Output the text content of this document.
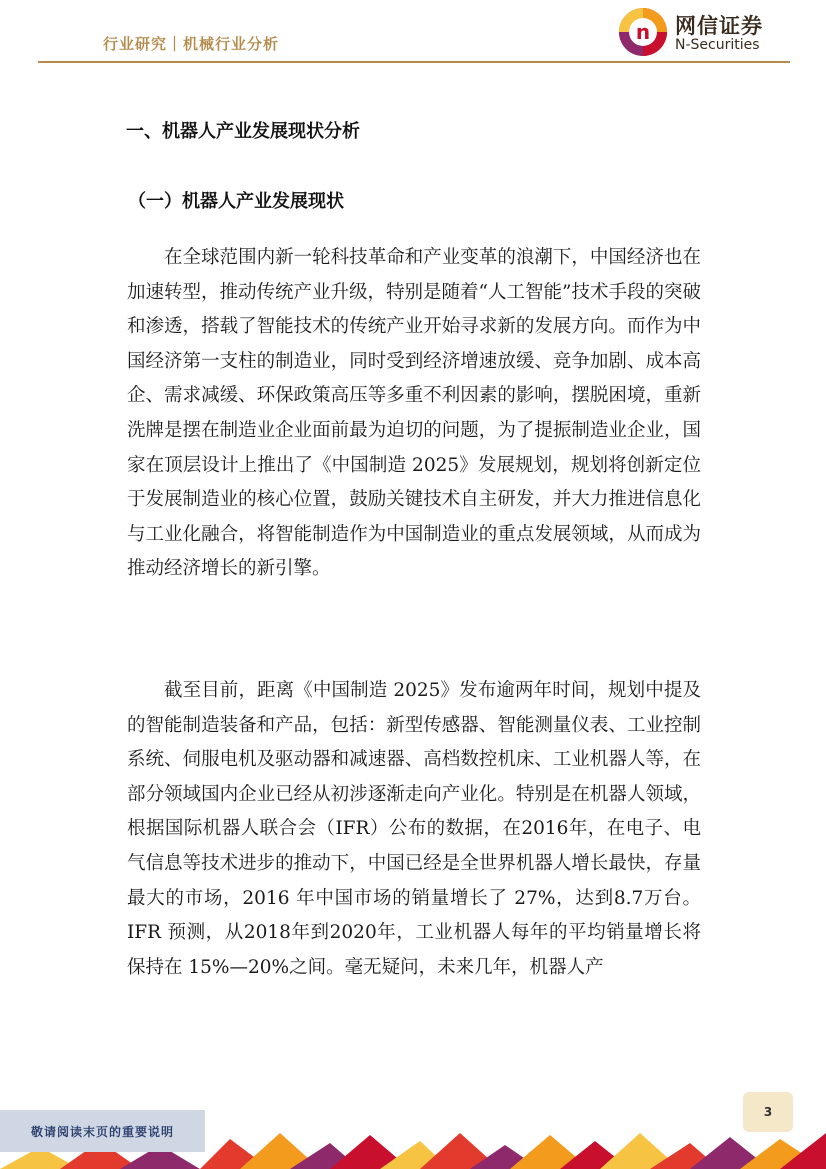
行业研究｜机械行业分析	n 网信证券
N-Securities
一、机器人产业发展现状分析
（一）机器人产业发展现状

在全球范围内新一轮科技革命和产业变革的浪潮下，中国经济也在加速转型，推动传统产业升级，特别是随着“人工智能”技术手段的突破和渗透，搭载了智能技术的传统产业开始寻求新的发展方向。而作为中国经济第一支柱的制造业，同时受到经济增速放缓、竞争加剧、成本高企、需求减缓、环保政策高压等多重不利因素的影响，摆脱困境，重新洗牌是摆在制造业企业面前最为迫切的问题，为了提振制造业企业，国家在顶层设计上推出了《中国制造 2025》发展规划，规划将创新定位于发展制造业的核心位置，鼓励关键技术自主研发，并大力推进信息化与工业化融合，将智能制造作为中国制造业的重点发展领域，从而成为推动经济增长的新引擎。

截至目前，距离《中国制造 2025》发布逾两年时间，规划中提及的智能制造装备和产品，包括：新型传感器、智能测量仪表、工业控制系统、伺服电机及驱动器和减速器、高档数控机床、工业机器人等，在部分领域国内企业已经从初涉逐渐走向产业化。特别是在机器人领域，根据国际机器人联合会（IFR）公布的数据，在2016年，在电子、电气信息等技术进步的推动下，中国已经是全世界机器人增长最快，存量最大的市场，2016 年中国市场的销量增长了 27%，达到8.7万台。IFR 预测，从2018年到2020年，工业机器人每年的平均销量增长将保持在 15%—20%之间。毫无疑问，未来几年，机器人产

3
敬请阅读末页的重要说明
